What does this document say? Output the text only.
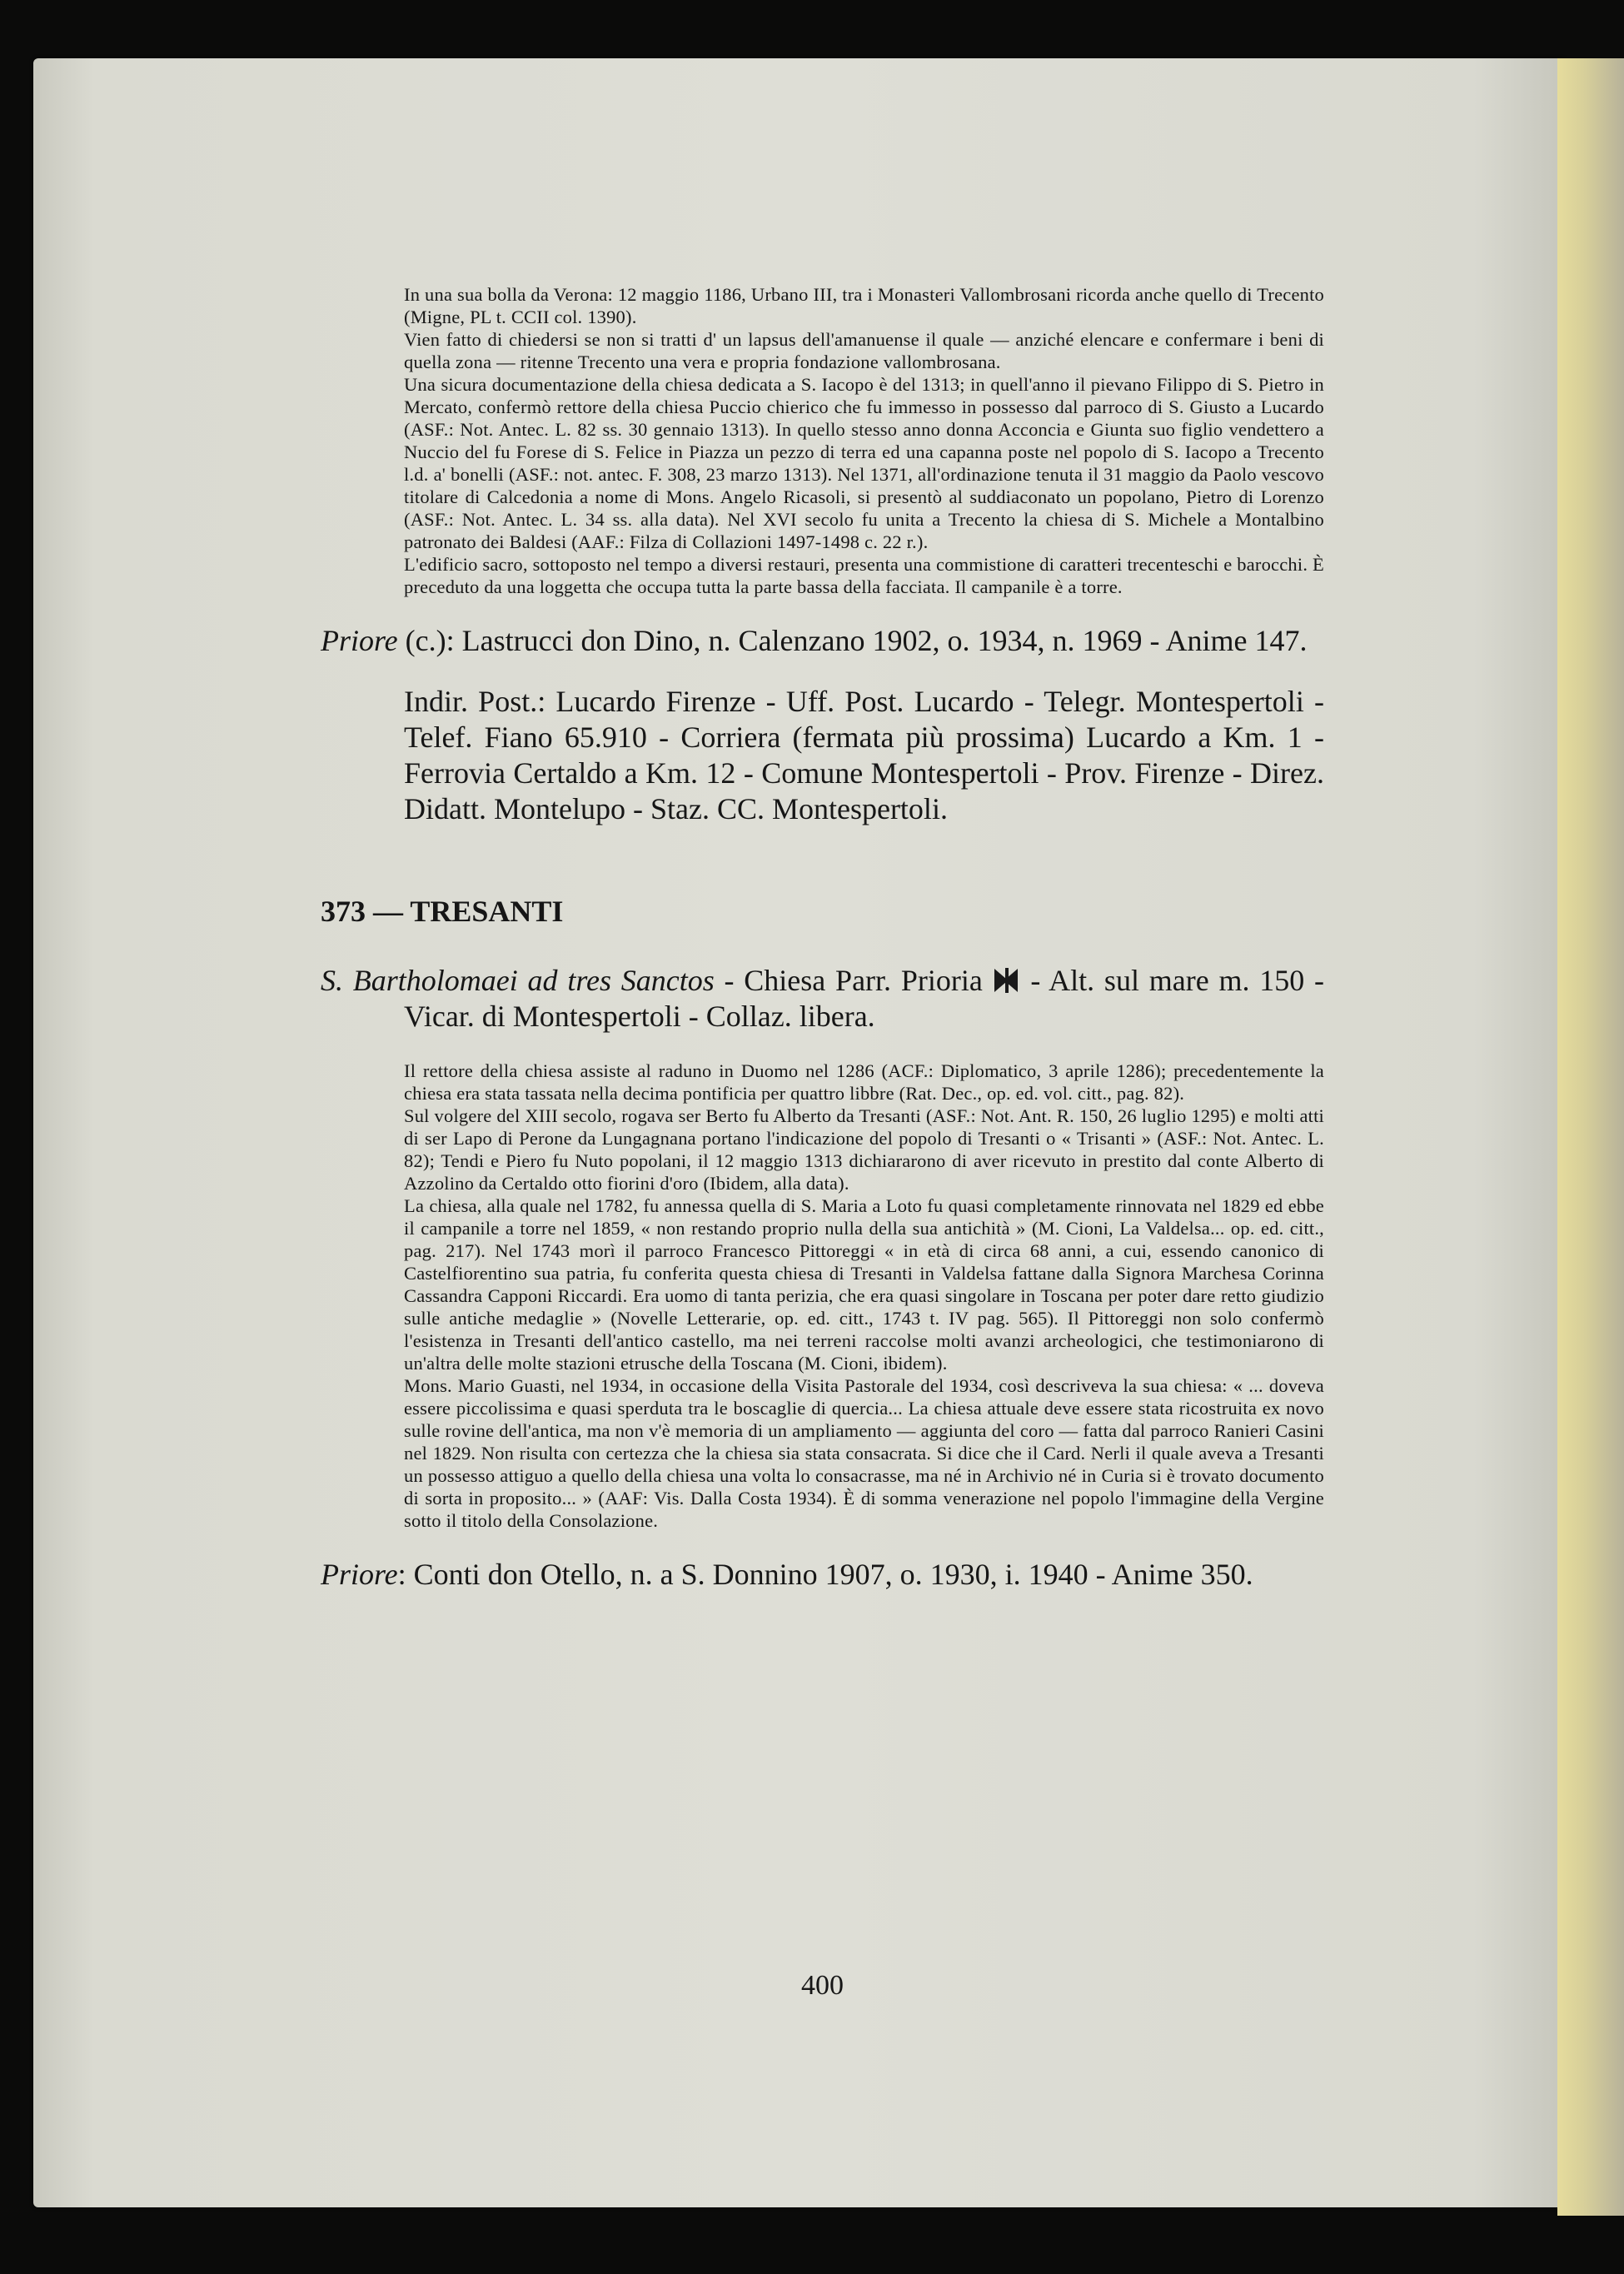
In una sua bolla da Verona: 12 maggio 1186, Urbano III, tra i Monasteri Vallombrosani ricorda anche quello di Trecento (Migne, PL t. CCII col. 1390).

Vien fatto di chiedersi se non si tratti d' un lapsus dell'amanuense il quale — anziché elencare e confermare i beni di quella zona — ritenne Trecento una vera e propria fondazione vallombrosana.

Una sicura documentazione della chiesa dedicata a S. Iacopo è del 1313; in quell'anno il pievano Filippo di S. Pietro in Mercato, confermò rettore della chiesa Puccio chierico che fu immesso in possesso dal parroco di S. Giusto a Lucardo (ASF.: Not. Antec. L. 82 ss. 30 gennaio 1313). In quello stesso anno donna Acconcia e Giunta suo figlio vendettero a Nuccio del fu Forese di S. Felice in Piazza un pezzo di terra ed una capanna poste nel popolo di S. Iacopo a Trecento l.d. a' bonelli (ASF.: not. antec. F. 308, 23 marzo 1313). Nel 1371, all'ordinazione tenuta il 31 maggio da Paolo vescovo titolare di Calcedonia a nome di Mons. Angelo Ricasoli, si presentò al suddiaconato un popolano, Pietro di Lorenzo (ASF.: Not. Antec. L. 34 ss. alla data). Nel XVI secolo fu unita a Trecento la chiesa di S. Michele a Montalbino patronato dei Baldesi (AAF.: Filza di Collazioni 1497-1498 c. 22 r.).

L'edificio sacro, sottoposto nel tempo a diversi restauri, presenta una commistione di caratteri trecenteschi e barocchi. È preceduto da una loggetta che occupa tutta la parte bassa della facciata. Il campanile è a torre.

Priore (c.): Lastrucci don Dino, n. Calenzano 1902, o. 1934, n. 1969 - Anime 147.

Indir. Post.: Lucardo Firenze - Uff. Post. Lucardo - Telegr. Montespertoli - Telef. Fiano 65.910 - Corriera (fermata più prossima) Lucardo a Km. 1 - Ferrovia Certaldo a Km. 12 - Comune Montespertoli - Prov. Firenze - Direz. Didatt. Montelupo - Staz. CC. Montespertoli.

373 — TRESANTI

S. Bartholomaei ad tres Sanctos - Chiesa Parr. Prioria  - Alt. sul mare m. 150 - Vicar. di Montespertoli - Collaz. libera.

Il rettore della chiesa assiste al raduno in Duomo nel 1286 (ACF.: Diplomatico, 3 aprile 1286); precedentemente la chiesa era stata tassata nella decima pontificia per quattro libbre (Rat. Dec., op. ed. vol. citt., pag. 82).

Sul volgere del XIII secolo, rogava ser Berto fu Alberto da Tresanti (ASF.: Not. Ant. R. 150, 26 luglio 1295) e molti atti di ser Lapo di Perone da Lungagnana portano l'indicazione del popolo di Tresanti o « Trisanti » (ASF.: Not. Antec. L. 82); Tendi e Piero fu Nuto popolani, il 12 maggio 1313 dichiararono di aver ricevuto in prestito dal conte Alberto di Azzolino da Certaldo otto fiorini d'oro (Ibidem, alla data).

La chiesa, alla quale nel 1782, fu annessa quella di S. Maria a Loto fu quasi completamente rinnovata nel 1829 ed ebbe il campanile a torre nel 1859, « non restando proprio nulla della sua antichità » (M. Cioni, La Valdelsa... op. ed. citt., pag. 217). Nel 1743 morì il parroco Francesco Pittoreggi « in età di circa 68 anni, a cui, essendo canonico di Castelfiorentino sua patria, fu conferita questa chiesa di Tresanti in Valdelsa fattane dalla Signora Marchesa Corinna Cassandra Capponi Riccardi. Era uomo di tanta perizia, che era quasi singolare in Toscana per poter dare retto giudizio sulle antiche medaglie » (Novelle Letterarie, op. ed. citt., 1743 t. IV pag. 565). Il Pittoreggi non solo confermò l'esistenza in Tresanti dell'antico castello, ma nei terreni raccolse molti avanzi archeologici, che testimoniarono di un'altra delle molte stazioni etrusche della Toscana (M. Cioni, ibidem).

Mons. Mario Guasti, nel 1934, in occasione della Visita Pastorale del 1934, così descriveva la sua chiesa: « ... doveva essere piccolissima e quasi sperduta tra le boscaglie di quercia... La chiesa attuale deve essere stata ricostruita ex novo sulle rovine dell'antica, ma non v'è memoria di un ampliamento — aggiunta del coro — fatta dal parroco Ranieri Casini nel 1829. Non risulta con certezza che la chiesa sia stata consacrata. Si dice che il Card. Nerli il quale aveva a Tresanti un possesso attiguo a quello della chiesa una volta lo consacrasse, ma né in Archivio né in Curia si è trovato documento di sorta in proposito... » (AAF: Vis. Dalla Costa 1934). È di somma venerazione nel popolo l'immagine della Vergine sotto il titolo della Consolazione.

Priore: Conti don Otello, n. a S. Donnino 1907, o. 1930, i. 1940 - Anime 350.

400
